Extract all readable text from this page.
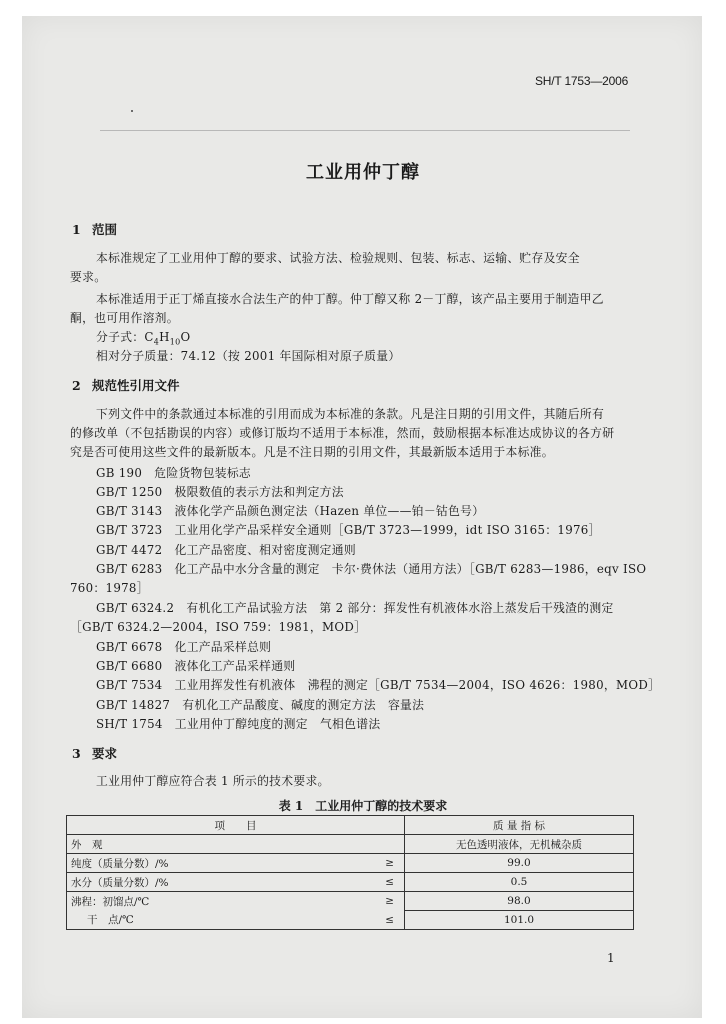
SH/T 1753—2006
工业用仲丁醇
1 范围
本标准规定了工业用仲丁醇的要求、试验方法、检验规则、包装、标志、运输、贮存及安全
要求。
本标准适用于正丁烯直接水合法生产的仲丁醇。仲丁醇又称 2－丁醇，该产品主要用于制造甲乙
酮，也可用作溶剂。
分子式：$C_4H_{10}O$
相对分子质量：74.12（按 2001 年国际相对原子质量）
2 规范性引用文件
下列文件中的条款通过本标准的引用而成为本标准的条款。凡是注日期的引用文件，其随后所有
的修改单（不包括勘误的内容）或修订版均不适用于本标准，然而，鼓励根据本标准达成协议的各方研
究是否可使用这些文件的最新版本。凡是不注日期的引用文件，其最新版本适用于本标准。
GB 190　危险货物包装标志
GB/T 1250　极限数值的表示方法和判定方法
GB/T 3143　液体化学产品颜色测定法（Hazen 单位——铂－钴色号）
GB/T 3723　工业用化学产品采样安全通则［GB/T 3723—1999，idt ISO 3165：1976］
GB/T 4472　化工产品密度、相对密度测定通则
GB/T 6283　化工产品中水分含量的测定　卡尔·费休法（通用方法）［GB/T 6283—1986，eqv ISO
760：1978］
GB/T 6324.2　有机化工产品试验方法　第 2 部分：挥发性有机液体水浴上蒸发后干残渣的测定
［GB/T 6324.2—2004，ISO 759：1981，MOD］
GB/T 6678　化工产品采样总则
GB/T 6680　液体化工产品采样通则
GB/T 7534　工业用挥发性有机液体　沸程的测定［GB/T 7534—2004，ISO 4626：1980，MOD］
GB/T 14827　有机化工产品酸度、碱度的测定方法　容量法
SH/T 1754　工业用仲丁醇纯度的测定　气相色谱法
3 要求
工业用仲丁醇应符合表 1 所示的技术要求。
表 1　工业用仲丁醇的技术要求
项　　目		质 量 指 标
外　观		无色透明液体，无机械杂质
纯度（质量分数）/%	≥	99.0
水分（质量分数）/%	≤	0.5
沸程：初馏点/℃	≥	98.0
干　点/℃	≤	101.0
1
